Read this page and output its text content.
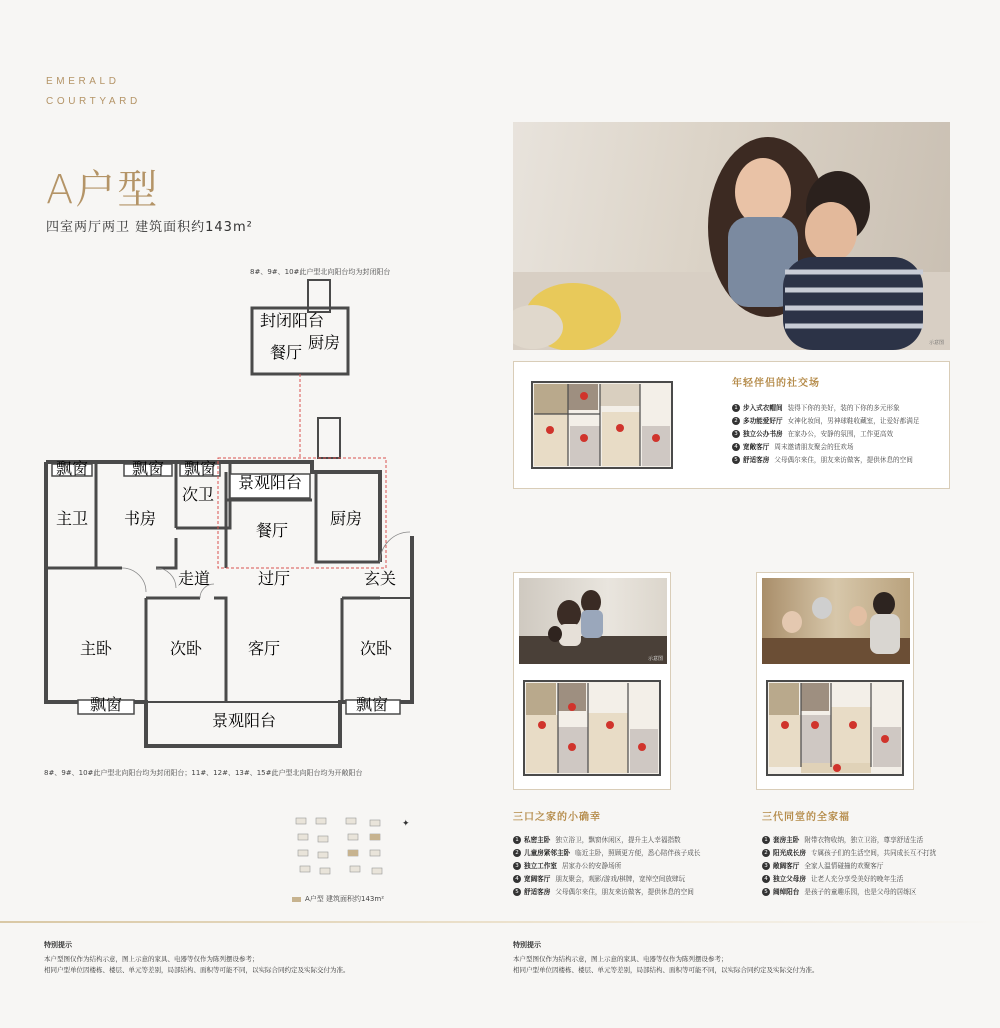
EMERALD
COURTYARD
A户型
四室两厅两卫 建筑面积约143m²
8#、9#、10#此户型北向阳台均为封闭阳台
封闭阳台
餐厅
厨房
飘窗	飘窗 飘窗
景观阳台
主卫 书房
次卫
餐厅
厨房
走道	过厅	玄关
主卧	次卧	客厅	次卧
飘窗	飘窗
景观阳台
8#、9#、10#此户型北向阳台均为封闭阳台；11#、12#、13#、15#此户型北向阳台均为开敞阳台
✦
A户型 建筑面积约143m²
示意图
年轻伴侣的社交场
1 步入式衣帽间 装得下你的美好，装的下你的多元形象
2 多功能爱好厅 女神化妆间，男神球鞋收藏室，让爱好都满足
3 独立公办书房 在家办公，安静的氛围，工作更高效
4 宽敞客厅 周末邀请朋友聚会的狂欢场
5 舒适客房 父母偶尔来住，朋友来访做客，提供休息的空间
示意图
三口之家的小确幸
1 私密主卧 独立浴卫，飘窗休闲区，提升主人幸福指数
2 儿童房紧邻主卧 临近主卧，照顾更方便，悉心陪伴孩子成长
3 独立工作室 居家办公的安静场所
4 宽阔客厅 朋友聚会，观影/游戏/棋牌，宽绰空间放肆玩
5 舒适客房 父母偶尔来住，朋友来访做客，提供休息的空间
三代同堂的全家福
1 套房主卧 附带衣物收纳，独立卫浴，尊享舒适生活
2 阳光成长房 专属孩子们的生活空间，共同成长互不打扰
3 敞阔客厅 全家人温情碰撞的欢聚客厅
4 独立父母房 让老人充分享受美好的晚年生活
5 阔绰阳台 是孩子的童趣乐园，也是父母的居练区
特别提示
本户型图仅作为结构示意，图上示意的家具、电器等仅作为陈列摆设参考；
相同户型单位因楼栋、楼层、单元等差别，局部结构、面积等可能不同，以实际合同约定及实际交付为准。
特别提示
本户型图仅作为结构示意，图上示意的家具、电器等仅作为陈列摆设参考；
相同户型单位因楼栋、楼层、单元等差别，局部结构、面积等可能不同，以实际合同约定及实际交付为准。
